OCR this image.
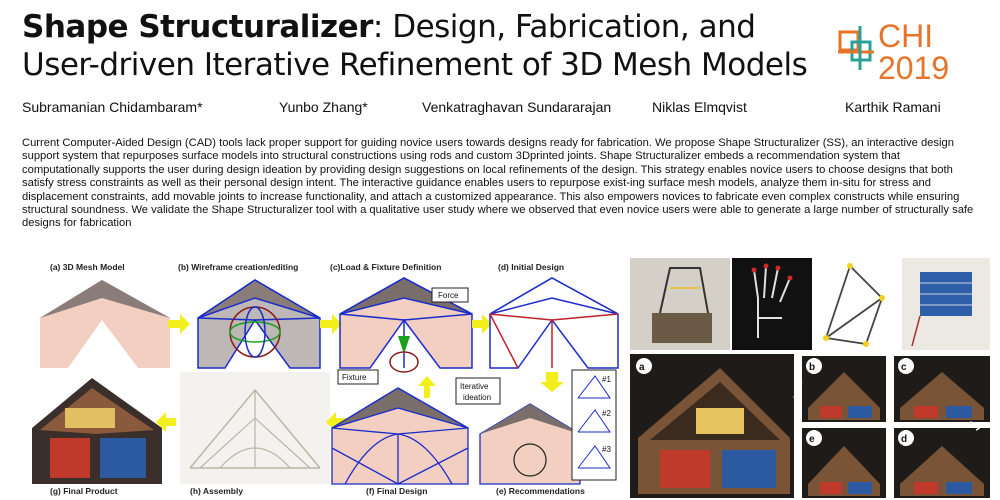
Shape Structuralizer: Design, Fabrication, and
User-driven Iterative Refinement of 3D Mesh Models
CHI
2019
Subramanian Chidambaram*	Yunbo Zhang*	Venkatraghavan Sundararajan	Niklas Elmqvist	Karthik Ramani
Current Computer-Aided Design (CAD) tools lack proper support for guiding novice users towards designs ready for fabrication. We propose Shape Structuralizer (SS), an interactive design support system that repurposes surface models into structural constructions using rods and custom 3Dprinted joints. Shape Structuralizer embeds a recommendation system that computationally supports the user during design ideation by providing design suggestions on local refinements of the design. This strategy enables novice users to choose designs that both satisfy stress constraints as well as their personal design intent. The interactive guidance enables users to repurpose exist-ing surface mesh models, analyze them in-situ for stress and displacement constraints, add movable joints to increase functionality, and attach a customized appearance. This also empowers novices to fabricate even complex constructs while ensuring structural soundness. We validate the Shape Structuralizer tool with a qualitative user study where we observed that even novice users were able to generate a large number of structurally safe designs for fabrication
(a) 3D Mesh Model	(b) Wireframe creation/editing	(c)Load & Fixture Definition	(d) Initial Design
Force
Fixture
(g) Final Product	(h) Assembly	(f) Final Design	(e) Recommendations
Iterative
ideation
#1
#2
#3
a	b	c
e	d
